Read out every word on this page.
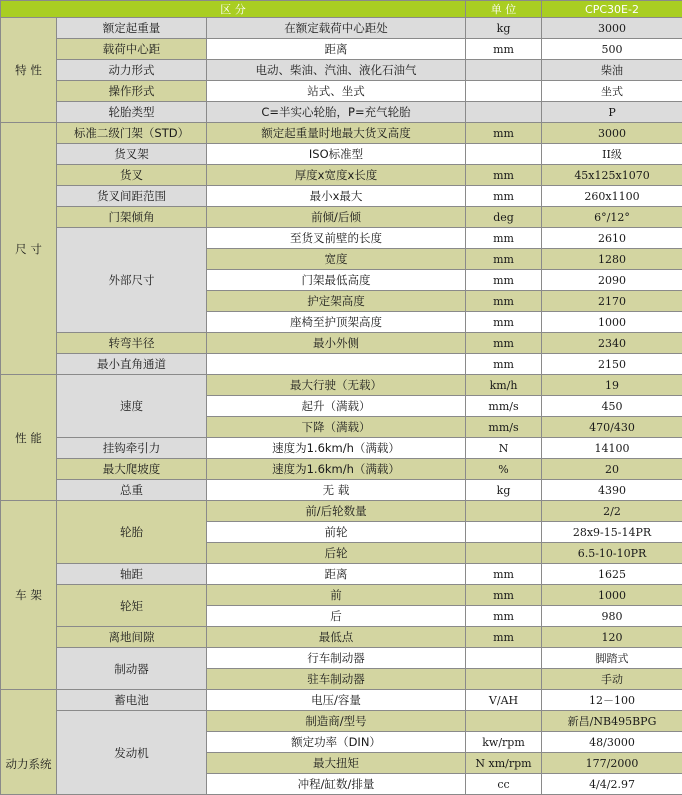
区 分			单 位	CPC30E-2
特 性	额定起重量	在额定载荷中心距处	kg	3000
	载荷中心距	距离	mm	500
	动力形式	电动、柴油、汽油、液化石油气		柴油
	操作形式	站式、坐式		坐式
	轮胎类型	C=半实心轮胎，P=充气轮胎		P
尺 寸	标准二级门架（STD）	额定起重量时地最大货叉高度	mm	3000
	货叉架	ISO标准型		II级
	货叉	厚度x宽度x长度	mm	45x125x1070
	货叉间距范围	最小x最大	mm	260x1100
	门架倾角	前倾/后倾	deg	6°/12°
	外部尺寸	至货叉前壁的长度	mm	2610
		宽度	mm	1280
		门架最低高度	mm	2090
		护定架高度	mm	2170
		座椅至护顶架高度	mm	1000
	转弯半径	最小外侧	mm	2340
	最小直角通道		mm	2150
性 能	速度	最大行驶（无载）	km/h	19
		起升（满载）	mm/s	450
		下降（满载）	mm/s	470/430
	挂钩牵引力	速度为1.6km/h（满载）	N	14100
	最大爬坡度	速度为1.6km/h（满载）	%	20
	总重	无 载	kg	4390
车 架	轮胎	前/后轮数量		2/2
		前轮		28x9-15-14PR
		后轮		6.5-10-10PR
	轴距	距离	mm	1625
	轮矩	前	mm	1000
		后	mm	980
	离地间隙	最低点	mm	120
	制动器	行车制动器		脚踏式
		驻车制动器		手动
动力系统	蓄电池	电压/容量	V/AH	12－100
	发动机	制造商/型号		新昌/NB495BPG
		额定功率（DIN）	kw/rpm	48/3000
		最大扭矩	N xm/rpm	177/2000
		冲程/缸数/排量	cc	4/4/2.97
